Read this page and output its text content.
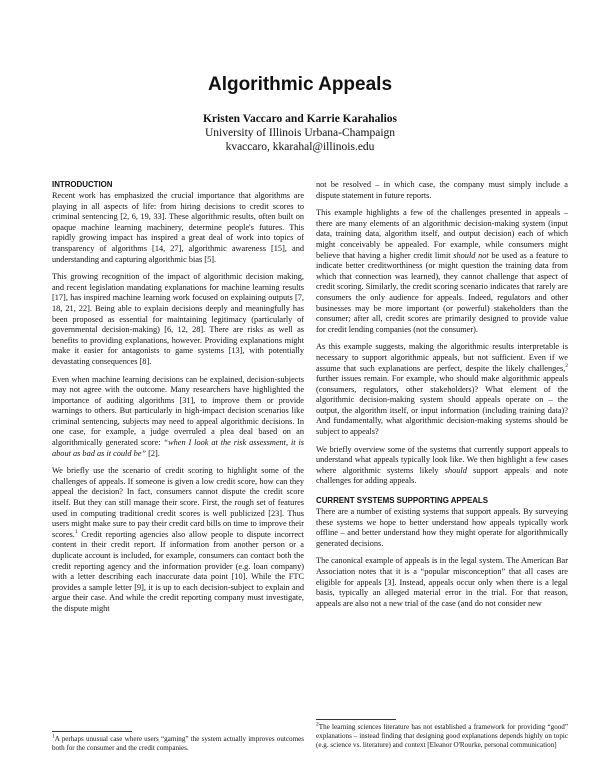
Algorithmic Appeals
Kristen Vaccaro and Karrie Karahalios
University of Illinois Urbana-Champaign
kvaccaro, kkarahal@illinois.edu
INTRODUCTION

Recent work has emphasized the crucial importance that algorithms are playing in all aspects of life: from hiring decisions to credit scores to criminal sentencing [2, 6, 19, 33]. These algorithmic results, often built on opaque machine learning machinery, determine people's futures. This rapidly growing impact has inspired a great deal of work into topics of transparency of algorithms [14, 27], algorithmic awareness [15], and understanding and capturing algorithmic bias [5].

This growing recognition of the impact of algorithmic decision making, and recent legislation mandating explanations for machine learning results [17], has inspired machine learning work focused on explaining outputs [7, 18, 21, 22]. Being able to explain decisions deeply and meaningfully has been proposed as essential for maintaining legitimacy (particularly of governmental decision-making) [6, 12, 28]. There are risks as well as benefits to providing explanations, however. Providing explanations might make it easier for antagonists to game systems [13], with potentially devastating consequences [8].

Even when machine learning decisions can be explained, decision-subjects may not agree with the outcome. Many researchers have highlighted the importance of auditing algorithms [31], to improve them or provide warnings to others. But particularly in high-impact decision scenarios like criminal sentencing, subjects may need to appeal algorithmic decisions. In one case, for example, a judge overruled a plea deal based on an algorithmically generated score: “when I look at the risk assessment, it is about as bad as it could be” [2].

We briefly use the scenario of credit scoring to highlight some of the challenges of appeals. If someone is given a low credit score, how can they appeal the decision? In fact, consumers cannot dispute the credit score itself. But they can still manage their score. First, the rough set of features used in computing traditional credit scores is well publicized [23]. Thus users might make sure to pay their credit card bills on time to improve their scores.$^1$ Credit reporting agencies also allow people to dispute incorrect content in their credit report. If information from another person or a duplicate account is included, for example, consumers can contact both the credit reporting agency and the information provider (e.g. loan company) with a letter describing each inaccurate data point [10]. While the FTC provides a sample letter [9], it is up to each decision-subject to explain and argue their case. And while the credit reporting company must investigate, the dispute might

$^1$A perhaps unusual case where users “gaming” the system actually improves outcomes both for the consumer and the credit companies.

not be resolved – in which case, the company must simply include a dispute statement in future reports.

This example highlights a few of the challenges presented in appeals – there are many elements of an algorithmic decision-making system (input data, training data, algorithm itself, and output decision) each of which might conceivably be appealed. For example, while consumers might believe that having a higher credit limit should not be used as a feature to indicate better creditworthiness (or might question the training data from which that connection was learned), they cannot challenge that aspect of credit scoring. Similarly, the credit scoring scenario indicates that rarely are consumers the only audience for appeals. Indeed, regulators and other businesses may be more important (or powerful) stakeholders than the consumer; after all, credit scores are primarily designed to provide value for credit lending companies (not the consumer).

As this example suggests, making the algorithmic results interpretable is necessary to support algorithmic appeals, but not sufficient. Even if we assume that such explanations are perfect, despite the likely challenges,$^2$ further issues remain. For example, who should make algorithmic appeals (consumers, regulators, other stakeholders)? What element of the algorithmic decision-making system should appeals operate on – the output, the algorithm itself, or input information (including training data)? And fundamentally, what algorithmic decision-making systems should be subject to appeals?

We briefly overview some of the systems that currently support appeals to understand what appeals typically look like. We then highlight a few cases where algorithmic systems likely should support appeals and note challenges for adding appeals.

CURRENT SYSTEMS SUPPORTING APPEALS

There are a number of existing systems that support appeals. By surveying these systems we hope to better understand how appeals typically work offline – and better understand how they might operate for algorithmically generated decisions.

The canonical example of appeals is in the legal system. The American Bar Association notes that it is a “popular misconception” that all cases are eligible for appeals [3]. Instead, appeals occur only when there is a legal basis, typically an alleged material error in the trial. For that reason, appeals are also not a new trial of the case (and do not consider new

$^2$The learning sciences literature has not established a framework for providing “good” explanations – instead finding that designing good explanations depends highly on topic (e.g. science vs. literature) and context [Eleanor O'Rourke, personal communication]
